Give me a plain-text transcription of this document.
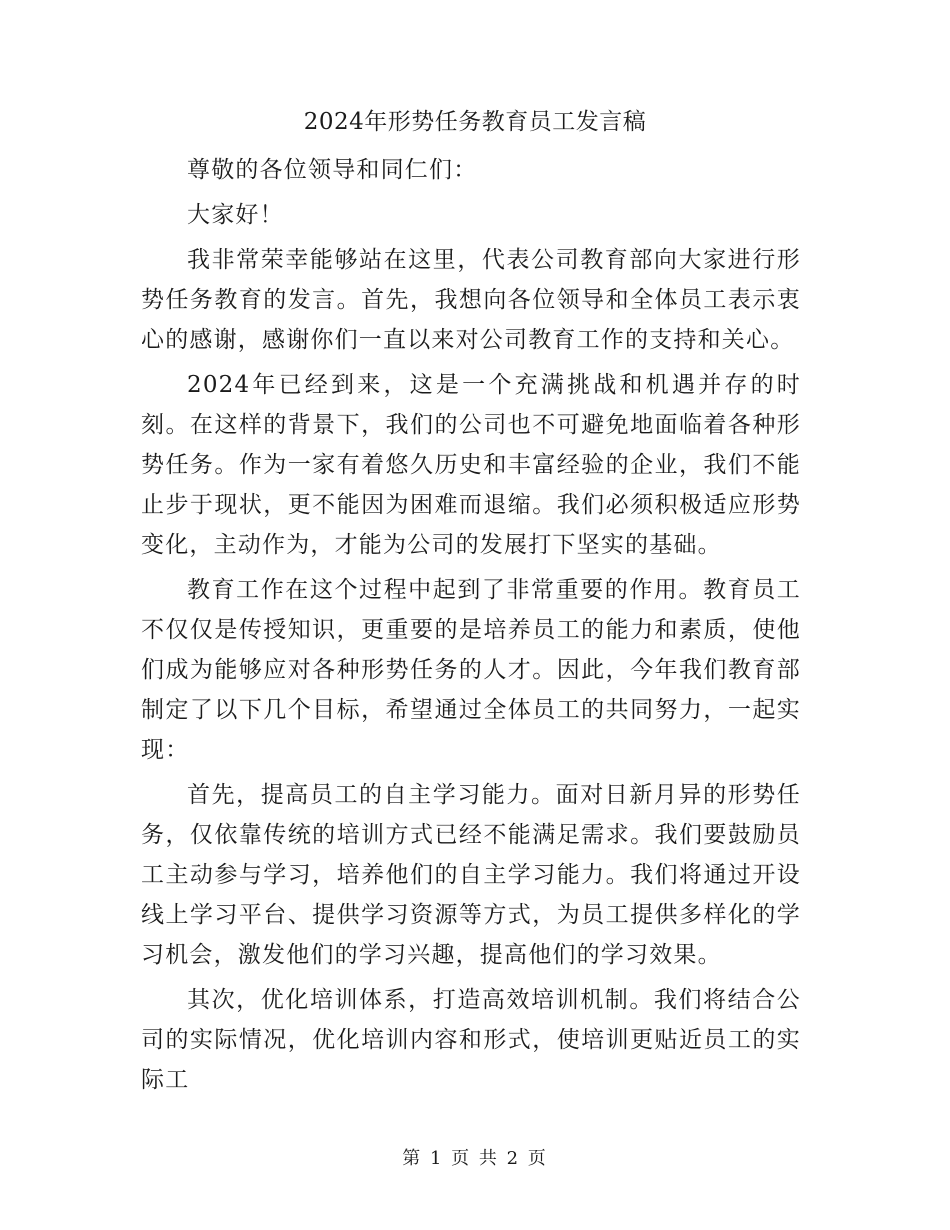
2024年形势任务教育员工发言稿

尊敬的各位领导和同仁们：

大家好！

我非常荣幸能够站在这里，代表公司教育部向大家进行形势任务教育的发言。首先，我想向各位领导和全体员工表示衷心的感谢，感谢你们一直以来对公司教育工作的支持和关心。

2024年已经到来，这是一个充满挑战和机遇并存的时刻。在这样的背景下，我们的公司也不可避免地面临着各种形势任务。作为一家有着悠久历史和丰富经验的企业，我们不能止步于现状，更不能因为困难而退缩。我们必须积极适应形势变化，主动作为，才能为公司的发展打下坚实的基础。

教育工作在这个过程中起到了非常重要的作用。教育员工不仅仅是传授知识，更重要的是培养员工的能力和素质，使他们成为能够应对各种形势任务的人才。因此，今年我们教育部制定了以下几个目标，希望通过全体员工的共同努力，一起实现：

首先，提高员工的自主学习能力。面对日新月异的形势任务，仅依靠传统的培训方式已经不能满足需求。我们要鼓励员工主动参与学习，培养他们的自主学习能力。我们将通过开设线上学习平台、提供学习资源等方式，为员工提供多样化的学习机会，激发他们的学习兴趣，提高他们的学习效果。

其次，优化培训体系，打造高效培训机制。我们将结合公司的实际情况，优化培训内容和形式，使培训更贴近员工的实际工

第 1 页 共 2 页
